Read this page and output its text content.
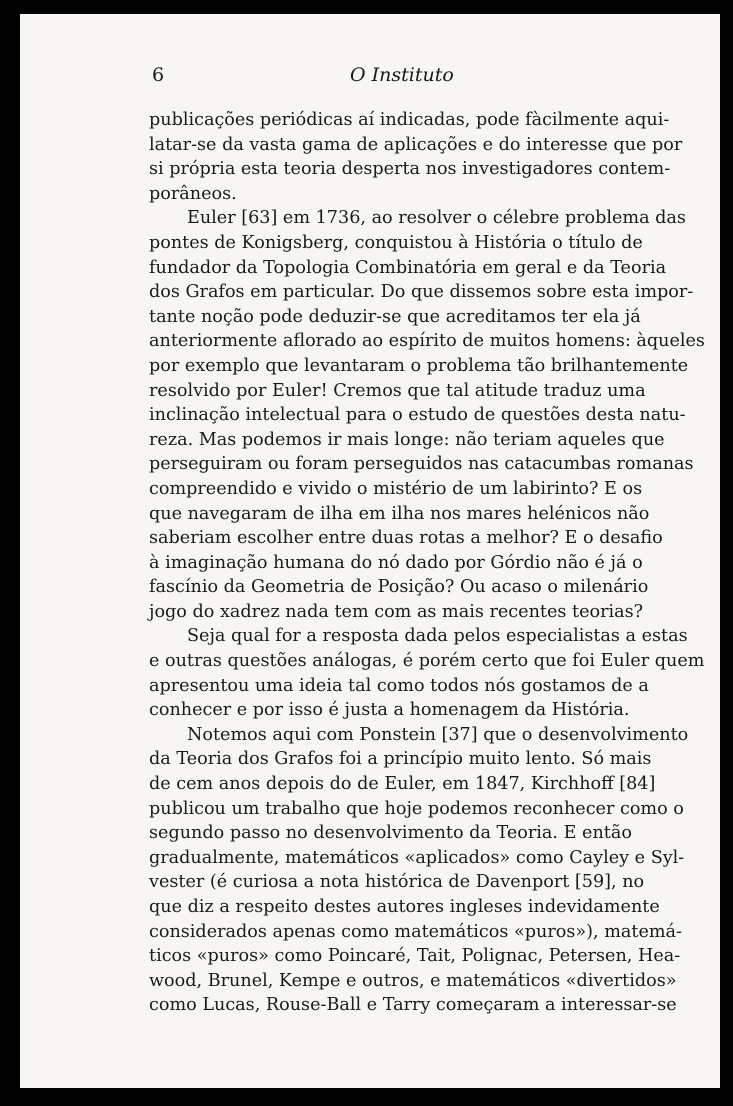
6	O Instituto
publicações periódicas aí indicadas, pode fàcilmente aqui-
latar-se da vasta gama de aplicações e do interesse que por
si própria esta teoria desperta nos investigadores contem-
porâneos.
Euler [63] em 1736, ao resolver o célebre problema das
pontes de Konigsberg, conquistou à História o título de
fundador da Topologia Combinatória em geral e da Teoria
dos Grafos em particular. Do que dissemos sobre esta impor-
tante noção pode deduzir-se que acreditamos ter ela já
anteriormente aflorado ao espírito de muitos homens: àqueles
por exemplo que levantaram o problema tão brilhantemente
resolvido por Euler! Cremos que tal atitude traduz uma
inclinação intelectual para o estudo de questões desta natu-
reza. Mas podemos ir mais longe: não teriam aqueles que
perseguiram ou foram perseguidos nas catacumbas romanas
compreendido e vivido o mistério de um labirinto? E os
que navegaram de ilha em ilha nos mares helénicos não
saberiam escolher entre duas rotas a melhor? E o desafio
à imaginação humana do nó dado por Górdio não é já o
fascínio da Geometria de Posição? Ou acaso o milenário
jogo do xadrez nada tem com as mais recentes teorias?
Seja qual for a resposta dada pelos especialistas a estas
e outras questões análogas, é porém certo que foi Euler quem
apresentou uma ideia tal como todos nós gostamos de a
conhecer e por isso é justa a homenagem da História.
Notemos aqui com Ponstein [37] que o desenvolvimento
da Teoria dos Grafos foi a princípio muito lento. Só mais
de cem anos depois do de Euler, em 1847, Kirchhoff [84]
publicou um trabalho que hoje podemos reconhecer como o
segundo passo no desenvolvimento da Teoria. E então
gradualmente, matemáticos «aplicados» como Cayley e Syl-
vester (é curiosa a nota histórica de Davenport [59], no
que diz a respeito destes autores ingleses indevidamente
considerados apenas como matemáticos «puros»), matemá-
ticos «puros» como Poincaré, Tait, Polignac, Petersen, Hea-
wood, Brunel, Kempe e outros, e matemáticos «divertidos»
como Lucas, Rouse-Ball e Tarry começaram a interessar-se
